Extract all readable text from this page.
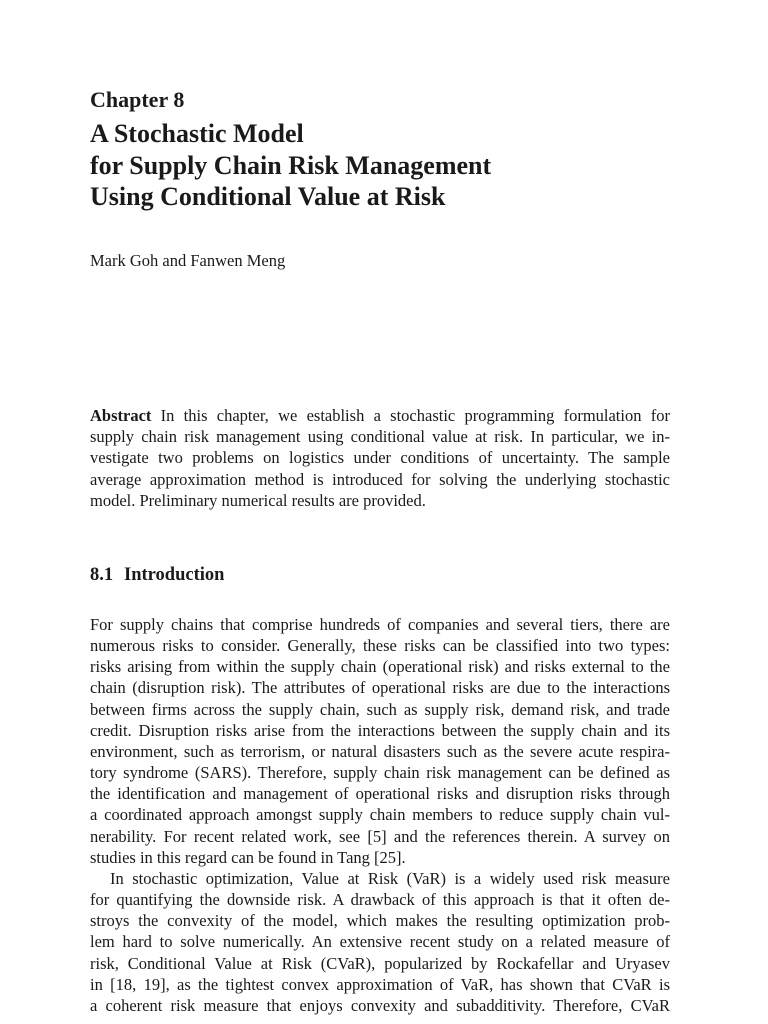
Chapter 8
A Stochastic Model
for Supply Chain Risk Management
Using Conditional Value at Risk
Mark Goh and Fanwen Meng
Abstract In this chapter, we establish a stochastic programming formulation for
supply chain risk management using conditional value at risk. In particular, we in-
vestigate two problems on logistics under conditions of uncertainty. The sample
average approximation method is introduced for solving the underlying stochastic
model. Preliminary numerical results are provided.
8.1 Introduction
For supply chains that comprise hundreds of companies and several tiers, there are
numerous risks to consider. Generally, these risks can be classified into two types:
risks arising from within the supply chain (operational risk) and risks external to the
chain (disruption risk). The attributes of operational risks are due to the interactions
between firms across the supply chain, such as supply risk, demand risk, and trade
credit. Disruption risks arise from the interactions between the supply chain and its
environment, such as terrorism, or natural disasters such as the severe acute respira-
tory syndrome (SARS). Therefore, supply chain risk management can be defined as
the identification and management of operational risks and disruption risks through
a coordinated approach amongst supply chain members to reduce supply chain vul-
nerability. For recent related work, see [5] and the references therein. A survey on
studies in this regard can be found in Tang [25].
In stochastic optimization, Value at Risk (VaR) is a widely used risk measure
for quantifying the downside risk. A drawback of this approach is that it often de-
stroys the convexity of the model, which makes the resulting optimization prob-
lem hard to solve numerically. An extensive recent study on a related measure of
risk, Conditional Value at Risk (CVaR), popularized by Rockafellar and Uryasev
in [18, 19], as the tightest convex approximation of VaR, has shown that CVaR is
a coherent risk measure that enjoys convexity and subadditivity. Therefore, CVaR
